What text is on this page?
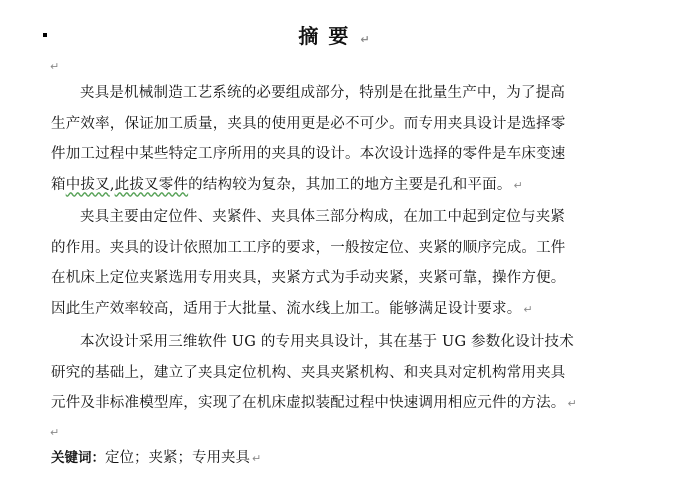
摘要 ↵
↵

夹具是机械制造工艺系统的必要组成部分，特别是在批量生产中，为了提高
生产效率，保证加工质量，夹具的使用更是必不可少。而专用夹具设计是选择零
件加工过程中某些特定工序所用的夹具的设计。本次设计选择的零件是车床变速
箱中拔叉,此拔叉零件的结构较为复杂，其加工的地方主要是孔和平面。 ↵

夹具主要由定位件、夹紧件、夹具体三部分构成，在加工中起到定位与夹紧
的作用。夹具的设计依照加工工序的要求，一般按定位、夹紧的顺序完成。工件
在机床上定位夹紧选用专用夹具，夹紧方式为手动夹紧，夹紧可靠，操作方便。
因此生产效率较高，适用于大批量、流水线上加工。能够满足设计要求。 ↵

本次设计采用三维软件 UG 的专用夹具设计，其在基于 UG 参数化设计技术
研究的基础上，建立了夹具定位机构、夹具夹紧机构、和夹具对定机构常用夹具
元件及非标准模型库，实现了在机床虚拟装配过程中快速调用相应元件的方法。 ↵

↵
关键词：定位；夹紧；专用夹具 ↵
